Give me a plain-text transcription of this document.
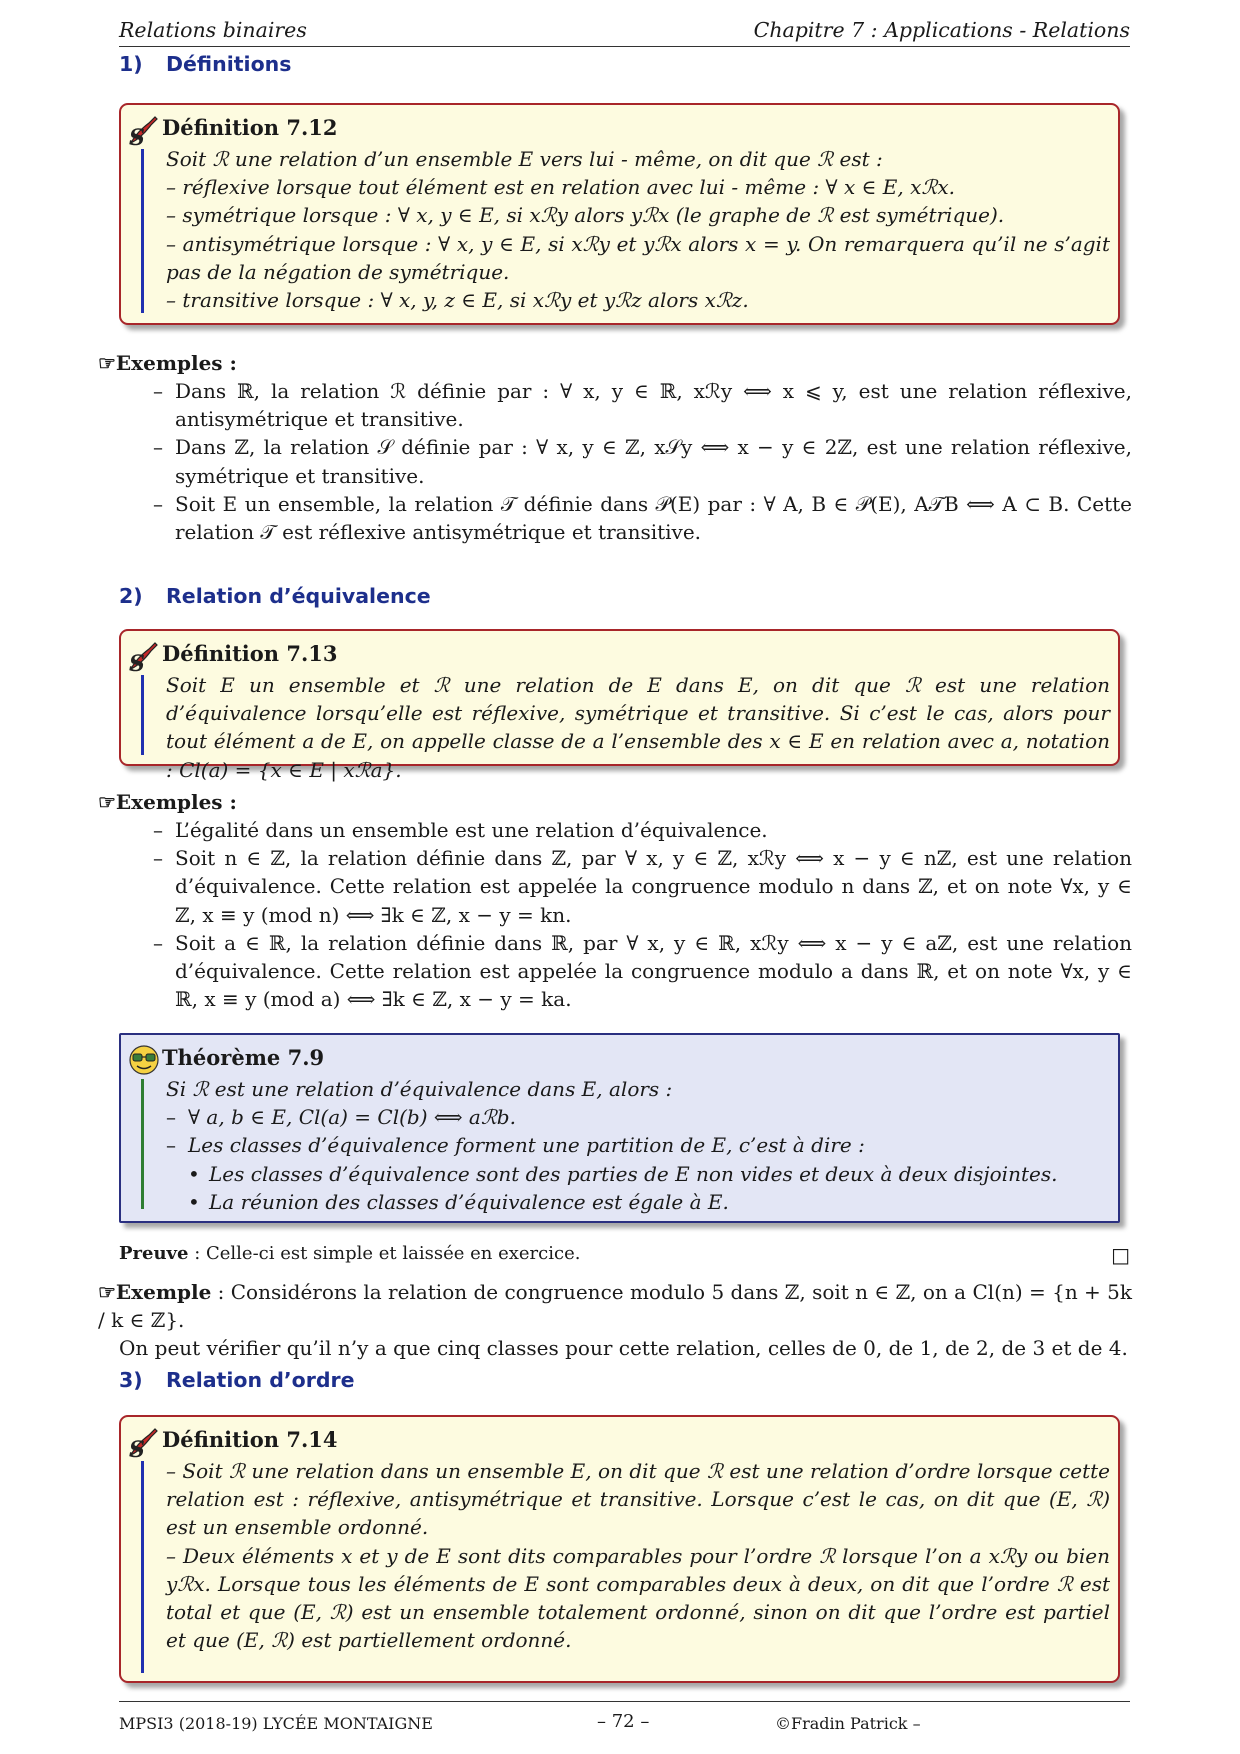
Relations binaires	Chapitre 7 : Applications - Relations
1) Définitions
S Définition 7.12

Soit ℛ une relation d’un ensemble E vers lui - même, on dit que ℛ est :

– réflexive lorsque tout élément est en relation avec lui - même : ∀ x ∈ E, xℛx.

– symétrique lorsque : ∀ x, y ∈ E, si xℛy alors yℛx (le graphe de ℛ est symétrique).

– antisymétrique lorsque : ∀ x, y ∈ E, si xℛy et yℛx alors x = y. On remarquera qu’il ne s’agit pas de la négation de symétrique.

– transitive lorsque : ∀ x, y, z ∈ E, si xℛy et yℛz alors xℛz.

☞Exemples :

– Dans ℝ, la relation ℛ définie par : ∀ x, y ∈ ℝ, xℛy ⟺ x ⩽ y, est une relation réflexive, antisymétrique et transitive.

– Dans ℤ, la relation 𝒮 définie par : ∀ x, y ∈ ℤ, x𝒮y ⟺ x − y ∈ 2ℤ, est une relation réflexive, symétrique et transitive.

– Soit E un ensemble, la relation 𝒯 définie dans 𝒫(E) par : ∀ A, B ∈ 𝒫(E), A𝒯B ⟺ A ⊂ B. Cette relation 𝒯 est réflexive antisymétrique et transitive.

2) Relation d’équivalence
S Définition 7.13

Soit E un ensemble et ℛ une relation de E dans E, on dit que ℛ est une relation d’équivalence lorsqu’elle est réflexive, symétrique et transitive. Si c’est le cas, alors pour tout élément a de E, on appelle classe de a l’ensemble des x ∈ E en relation avec a, notation : Cl(a) = {x ∈ E | xℛa}.

☞Exemples :

– L’égalité dans un ensemble est une relation d’équivalence.

– Soit n ∈ ℤ, la relation définie dans ℤ, par ∀ x, y ∈ ℤ, xℛy ⟺ x − y ∈ nℤ, est une relation d’équivalence. Cette relation est appelée la congruence modulo n dans ℤ, et on note ∀x, y ∈ ℤ, x ≡ y (mod n) ⟺ ∃k ∈ ℤ, x − y = kn.

– Soit a ∈ ℝ, la relation définie dans ℝ, par ∀ x, y ∈ ℝ, xℛy ⟺ x − y ∈ aℤ, est une relation d’équivalence. Cette relation est appelée la congruence modulo a dans ℝ, et on note ∀x, y ∈ ℝ, x ≡ y (mod a) ⟺ ∃k ∈ ℤ, x − y = ka.

Théorème 7.9

Si ℛ est une relation d’équivalence dans E, alors :

– ∀ a, b ∈ E, Cl(a) = Cl(b) ⟺ aℛb.

– Les classes d’équivalence forment une partition de E, c’est à dire :

• Les classes d’équivalence sont des parties de E non vides et deux à deux disjointes.

• La réunion des classes d’équivalence est égale à E.

Preuve : Celle-ci est simple et laissée en exercice.	□

☞Exemple : Considérons la relation de congruence modulo 5 dans ℤ, soit n ∈ ℤ, on a Cl(n) = {n + 5k / k ∈ ℤ}.

On peut vérifier qu’il n’y a que cinq classes pour cette relation, celles de 0, de 1, de 2, de 3 et de 4.

3) Relation d’ordre
S Définition 7.14

– Soit ℛ une relation dans un ensemble E, on dit que ℛ est une relation d’ordre lorsque cette relation est : réflexive, antisymétrique et transitive. Lorsque c’est le cas, on dit que (E, ℛ) est un ensemble ordonné.

– Deux éléments x et y de E sont dits comparables pour l’ordre ℛ lorsque l’on a xℛy ou bien yℛx. Lorsque tous les éléments de E sont comparables deux à deux, on dit que l’ordre ℛ est total et que (E, ℛ) est un ensemble totalement ordonné, sinon on dit que l’ordre est partiel et que (E, ℛ) est partiellement ordonné.

MPSI3 (2018-19) LYCÉE MONTAIGNE	– 72 –	©Fradin Patrick –
